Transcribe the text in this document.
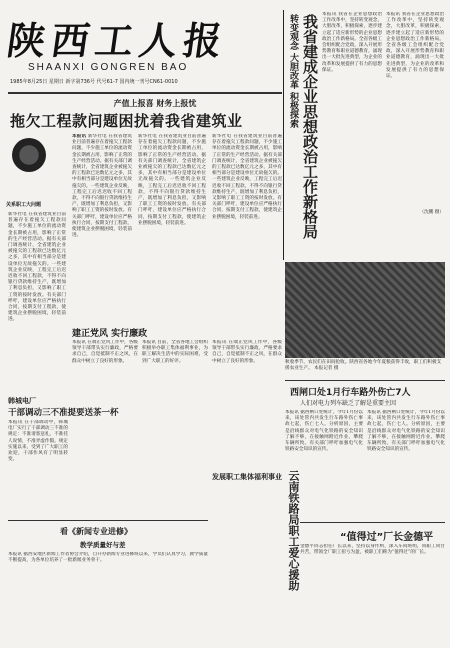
陕西工人报
SHAANXI GONGREN BAO
1985年8月25日 星期日 新字第736号 代号61-7 国内统一刊号CN61-0010
产值上报喜 财务上报忧
拖欠工程款问题困扰着我省建筑业
关系职工大问题
新华社电 在我省建筑业目前普遍存在着拖欠工程款问题，不少施工单位的流动资金长期被占用，影响了正常的生产经营活动。据有关部门调查统计，全省建筑企业被拖欠的工程款已达数亿元之多，其中有相当部分是建设单位无故拖欠的。一些建筑企业反映，工程完工后迟迟收不回工程款，不得不向银行贷款维持生产，既增加了利息负担，又影响了职工工资的按时发放。有关部门呼吁，建设单位应严格执行合同，按期支付工程款，使建筑企业摆脱困境，轻装前进。
本报讯 新华社电 在我省建筑业目前普遍存在着拖欠工程款问题，不少施工单位的流动资金长期被占用，影响了正常的生产经营活动。据有关部门调查统计，全省建筑企业被拖欠的工程款已达数亿元之多，其中有相当部分是建设单位无故拖欠的。一些建筑企业反映，工程完工后迟迟收不回工程款，不得不向银行贷款维持生产，既增加了利息负担，又影响了职工工资的按时发放。有关部门呼吁，建设单位应严格执行合同，按期支付工程款，使建筑企业摆脱困境，轻装前进。
新华社电 在我省建筑业目前普遍存在着拖欠工程款问题，不少施工单位的流动资金长期被占用，影响了正常的生产经营活动。据有关部门调查统计，全省建筑企业被拖欠的工程款已达数亿元之多，其中有相当部分是建设单位无故拖欠的。一些建筑企业反映，工程完工后迟迟收不回工程款，不得不向银行贷款维持生产，既增加了利息负担，又影响了职工工资的按时发放。有关部门呼吁，建设单位应严格执行合同，按期支付工程款，使建筑企业摆脱困境，轻装前进。
新华社电 在我省建筑业目前普遍存在着拖欠工程款问题，不少施工单位的流动资金长期被占用，影响了正常的生产经营活动。据有关部门调查统计，全省建筑企业被拖欠的工程款已达数亿元之多，其中有相当部分是建设单位无故拖欠的。一些建筑企业反映，工程完工后迟迟收不回工程款，不得不向银行贷款维持生产，既增加了利息负担，又影响了职工工资的按时发放。有关部门呼吁，建设单位应严格执行合同，按期支付工程款，使建筑企业摆脱困境，轻装前进。
韩城电厂
干部调动三不准提要送茶一杯
本报讯 在干部调动中，韩城电厂实行了干部调动三不准的规定：不准请客送礼，不准托人说情，不准弄虚作假。规定实施以来，受到了广大职工的欢迎，干部作风有了明显转变。
建正党风 实行廉政
本报讯 在端正党风工作中，各级领导干部带头实行廉政，严格要求自己，自觉抵制不正之风，在群众中树立了良好的形象。
看《新闻专业进修》
教学质量好与差
本报讯 据西安地区新闻工作者协会介绍，自开办新闻专业进修班以来，学员们认真学习，教学质量不断提高，为各单位培养了一批新闻业务骨干。
本报讯 目前，全省各地工会组织积极举办职工集体福利事业，为职工解决生活中的实际困难，受到广大职工的好评。
本报讯 在端正党风工作中，各级领导干部带头实行廉政，严格要求自己，自觉抵制不正之风，在群众中树立了良好的形象。
发展职工集体福利事业 云南铁路局职工爱心援助
转变观念 大胆改革 积极探索 我省建成企业思想政治工作新格局 本报讯 我省在企业思想政治工作改革中，坚持转变观念，大胆改革，积极探索，逐步建立起了适应新形势的企业思想政治工作新格局。全省各级工会组织配合党政，深入开展形势教育和职业道德教育，涌现出一大批先进典型，为企业的改革和发展提供了有力的思想保证。
本报讯 我省在企业思想政治工作改革中，坚持转变观念，大胆改革，积极探索，逐步建立起了适应新形势的企业思想政治工作新格局。全省各级工会组织配合党政，深入开展形势教育和职业道德教育，涌现出一大批先进典型，为企业的改革和发展提供了有力的思想保证。
（沈鹏 摄）
秋收季节，农民们在田间抢收。陕西省各地今年夏粮获得丰收，职工们积极支援农业生产。 本报记者 摄
西闸口处1月行车路外伤亡7人
人们对电力列车缺乏了解是重要主因
本报讯 据西闸口处统计，今年1月份以来，该处管内共发生行车路外伤亡事故七起，伤亡七人。分析原因，主要是沿线群众对电气化铁路的安全知识了解不够，在接触网附近作业、攀爬车辆所致。有关部门呼吁加强电气化铁路安全知识的宣传。
本报讯 据西闸口处统计，今年1月份以来，该处管内共发生行车路外伤亡事故七起，伤亡七人。分析原因，主要是沿线群众对电气化铁路的安全知识了解不够，在接触网附近作业、攀爬车辆所致。有关部门呼吁加强电气化铁路安全知识的宣传。
“值得过”厂长金德平
金德平同志担任厂长以来，坚持以身作则，深入车间班组，同职工同甘共苦，带领全厂职工扭亏为盈，被职工们称为“值得过”的厂长。
